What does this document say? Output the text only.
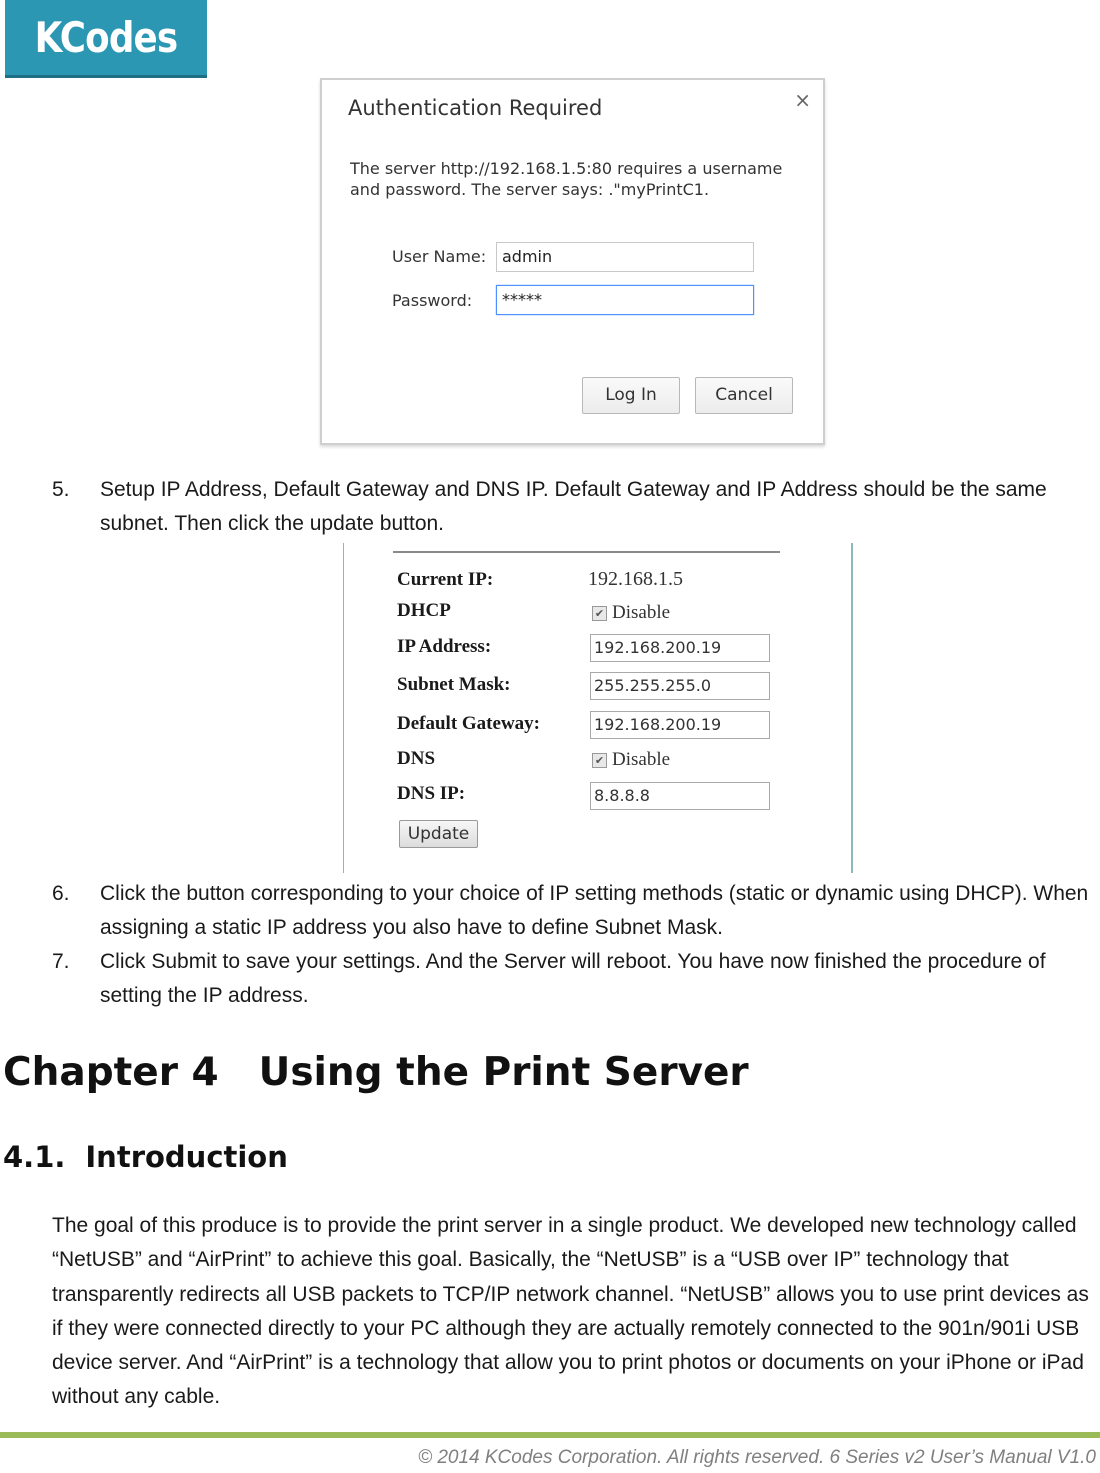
KCodes
Authentication Required	×
The server http://192.168.1.5:80 requires a username and password. The server says: ."myPrintC1.
User Name: admin
Password:	*****
Log In	Cancel
5. Setup IP Address, Default Gateway and DNS IP. Default Gateway and IP Address should be the same subnet. Then click the update button.
Current IP:	192.168.1.5
DHCP	✔ Disable
IP Address:	192.168.200.19
Subnet Mask:	255.255.255.0
Default Gateway:	192.168.200.19
DNS	✔ Disable
DNS IP:	8.8.8.8
Update
6. Click the button corresponding to your choice of IP setting methods (static or dynamic using DHCP). When assigning a static IP address you also have to define Subnet Mask.
7. Click Submit to save your settings. And the Server will reboot. You have now finished the procedure of setting the IP address.
Chapter 4 Using the Print Server
4.1. Introduction
The goal of this produce is to provide the print server in a single product. We developed new technology called “NetUSB” and “AirPrint” to achieve this goal. Basically, the “NetUSB” is a “USB over IP” technology that transparently redirects all USB packets to TCP/IP network channel. “NetUSB” allows you to use print devices as if they were connected directly to your PC although they are actually remotely connected to the 901n/901i USB device server. And “AirPrint” is a technology that allow you to print photos or documents on your iPhone or iPad without any cable.
© 2014 KCodes Corporation. All rights reserved. 6 Series v2 User’s Manual V1.0
